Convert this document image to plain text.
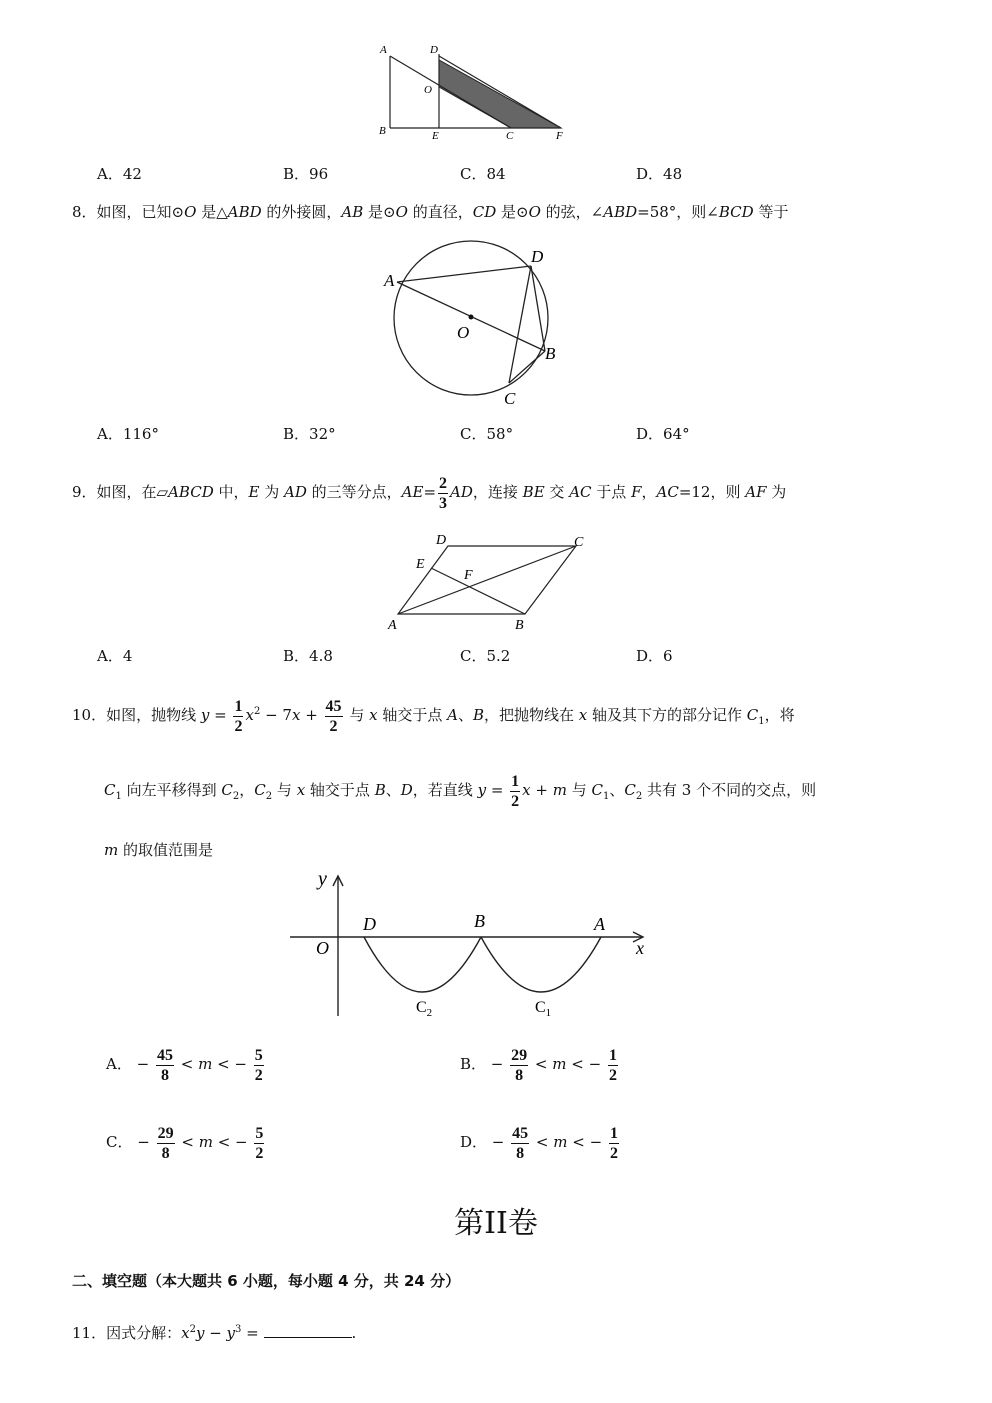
A	D
O
B	E	C	F
A．42	B．96	C．84	D．48
8．如图，已知⊙O 是△ABD 的外接圆，AB 是⊙O 的直径，CD 是⊙O 的弦，∠ABD=58°，则∠BCD 等于
A
D
O
B
C
A．116°	B．32°	C．58°	D．64°
9．如图，在▱ABCD 中，E 为 AD 的三等分点，$AE= \frac{2}{3}$ AD，连接 BE 交 AC 于点 F，AC=12，则 AF 为
D	C
E
F
A	B
A．4	B．4.8	C．5.2	D．6
10．如图，抛物线 $y = \frac{1}{2} x^2 - 7x + \frac{45}{2}$ 与 x 轴交于点 A、B，把抛物线在 x 轴及其下方的部分记作 $C_1$，将
$C_1$ 向左平移得到 $C_2$，$C_2$ 与 x 轴交于点 B、D，若直线 $y = \frac{1}{2}$ x + m 与 $C_1$、$C_2$ 共有 3 个不同的交点，则
m 的取值范围是
y
x
O
D	B	A
$C_2$	$C_1$
A． − $\frac{45}{8} < m$ < − $\frac{5}{2}$	B． − $\frac{29}{8} < m$ < − $\frac{1}{2}$
C． − $\frac{29}{8} < m$ < − $\frac{5}{2}$	D． − $\frac{45}{8} < m$ < − $\frac{1}{2}$
第II卷
二、填空题（本大题共 6 小题，每小题 4 分，共 24 分）
11．因式分解：$x^2y - y^3$ =	.
